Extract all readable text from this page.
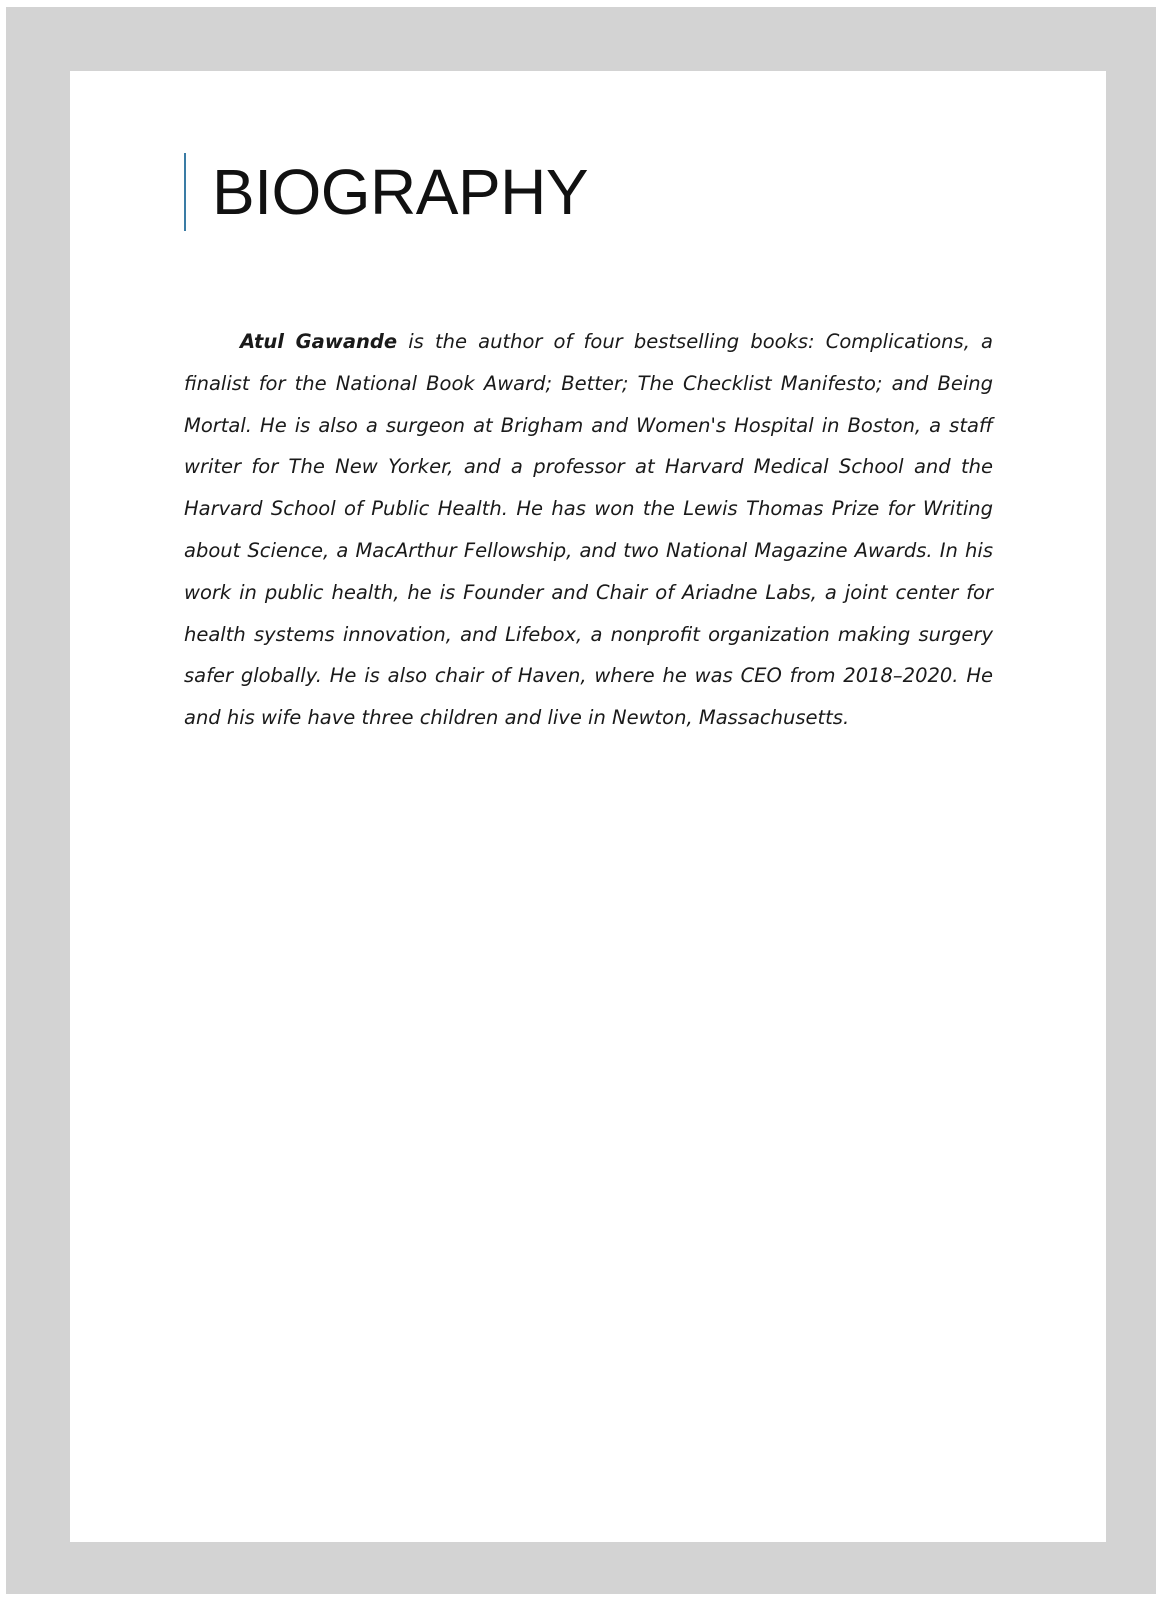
BIOGRAPHY

Atul Gawande is the author of four bestselling books: Complications, a finalist for the National Book Award; Better; The Checklist Manifesto; and Being Mortal. He is also a surgeon at Brigham and Women's Hospital in Boston, a staff writer for The New Yorker, and a professor at Harvard Medical School and the Harvard School of Public Health. He has won the Lewis Thomas Prize for Writing about Science, a MacArthur Fellowship, and two National Magazine Awards. In his work in public health, he is Founder and Chair of Ariadne Labs, a joint center for health systems innovation, and Lifebox, a nonprofit organization making surgery safer globally. He is also chair of Haven, where he was CEO from 2018–2020. He and his wife have three children and live in Newton, Massachusetts.
